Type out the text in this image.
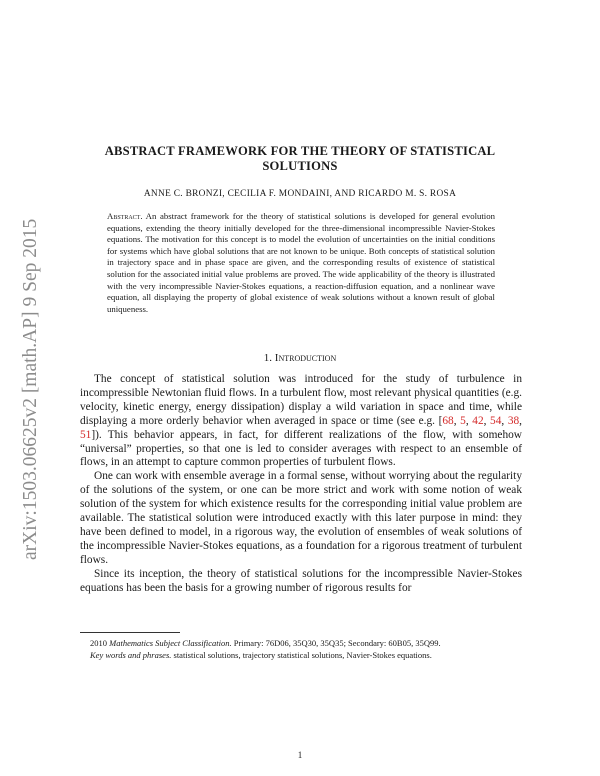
arXiv:1503.06625v2 [math.AP] 9 Sep 2015
ABSTRACT FRAMEWORK FOR THE THEORY OF STATISTICAL
SOLUTIONS
ANNE C. BRONZI, CECILIA F. MONDAINI, AND RICARDO M. S. ROSA

Abstract. An abstract framework for the theory of statistical solutions is developed for general evolution equations, extending the theory initially developed for the three-dimensional incompressible Navier-Stokes equations. The motivation for this concept is to model the evolution of uncertainties on the initial conditions for systems which have global solutions that are not known to be unique. Both concepts of statistical solution in trajectory space and in phase space are given, and the corresponding results of existence of statistical solution for the associated initial value problems are proved. The wide applicability of the theory is illustrated with the very incompressible Navier-Stokes equations, a reaction-diffusion equation, and a nonlinear wave equation, all displaying the property of global existence of weak solutions without a known result of global uniqueness.

1. Introduction

The concept of statistical solution was introduced for the study of turbulence in incompressible Newtonian fluid flows. In a turbulent flow, most relevant physical quantities (e.g. velocity, kinetic energy, energy dissipation) display a wild variation in space and time, while displaying a more orderly behavior when averaged in space or time (see e.g. [68, 5, 42, 54, 38, 51]). This behavior appears, in fact, for different realizations of the flow, with somehow “universal” properties, so that one is led to consider averages with respect to an ensemble of flows, in an attempt to capture common properties of turbulent flows.

One can work with ensemble average in a formal sense, without worrying about the regularity of the solutions of the system, or one can be more strict and work with some notion of weak solution of the system for which existence results for the corresponding initial value problem are available. The statistical solution were introduced exactly with this later purpose in mind: they have been defined to model, in a rigorous way, the evolution of ensembles of weak solutions of the incompressible Navier-Stokes equations, as a foundation for a rigorous treatment of turbulent flows.

Since its inception, the theory of statistical solutions for the incompressible Navier-Stokes equations has been the basis for a growing number of rigorous results for

2010 Mathematics Subject Classification. Primary: 76D06, 35Q30, 35Q35; Secondary: 60B05, 35Q99.

Key words and phrases. statistical solutions, trajectory statistical solutions, Navier-Stokes equations.

1
